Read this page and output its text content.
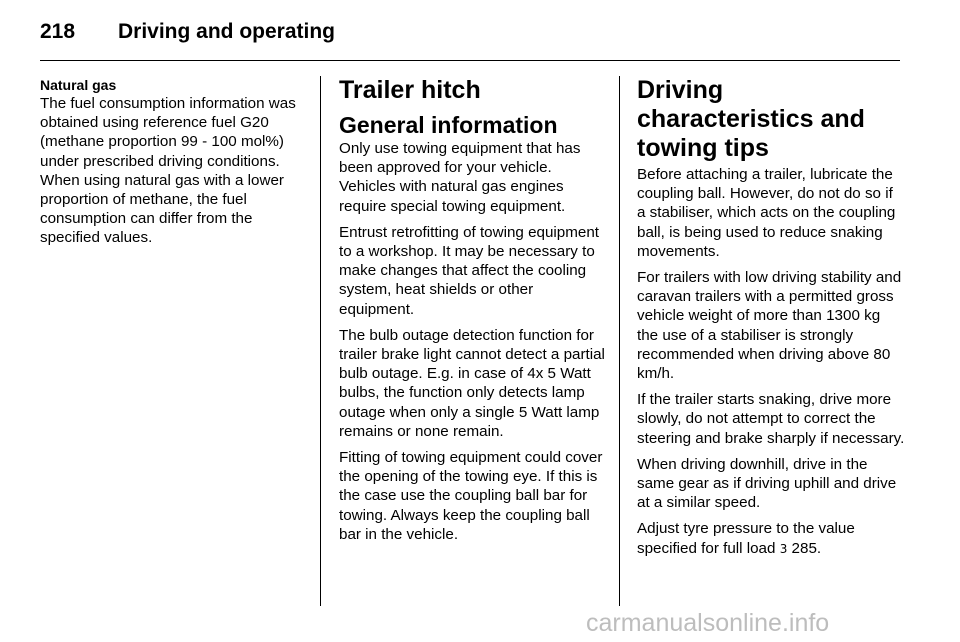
218 Driving and operating
Natural gas

The fuel consumption information was obtained using reference fuel G20 (methane proportion 99 - 100 mol%) under prescribed driving conditions. When using natural gas with a lower proportion of methane, the fuel consumption can differ from the specified values.

Trailer hitch
General information

Only use towing equipment that has been approved for your vehicle. Vehicles with natural gas engines require special towing equipment.

Entrust retrofitting of towing equipment to a workshop. It may be necessary to make changes that affect the cooling system, heat shields or other equipment.

The bulb outage detection function for trailer brake light cannot detect a partial bulb outage. E.g. in case of 4x 5 Watt bulbs, the function only detects lamp outage when only a single 5 Watt lamp remains or none remain.

Fitting of towing equipment could cover the opening of the towing eye. If this is the case use the coupling ball bar for towing. Always keep the coupling ball bar in the vehicle.

Driving characteristics and towing tips

Before attaching a trailer, lubricate the coupling ball. However, do not do so if a stabiliser, which acts on the coupling ball, is being used to reduce snaking movements.

For trailers with low driving stability and caravan trailers with a permitted gross vehicle weight of more than 1300 kg the use of a stabiliser is strongly recommended when driving above 80 km/h.

If the trailer starts snaking, drive more slowly, do not attempt to correct the steering and brake sharply if necessary.

When driving downhill, drive in the same gear as if driving uphill and drive at a similar speed.

Adjust tyre pressure to the value specified for full load 3 285.

carmanualsonline.info
